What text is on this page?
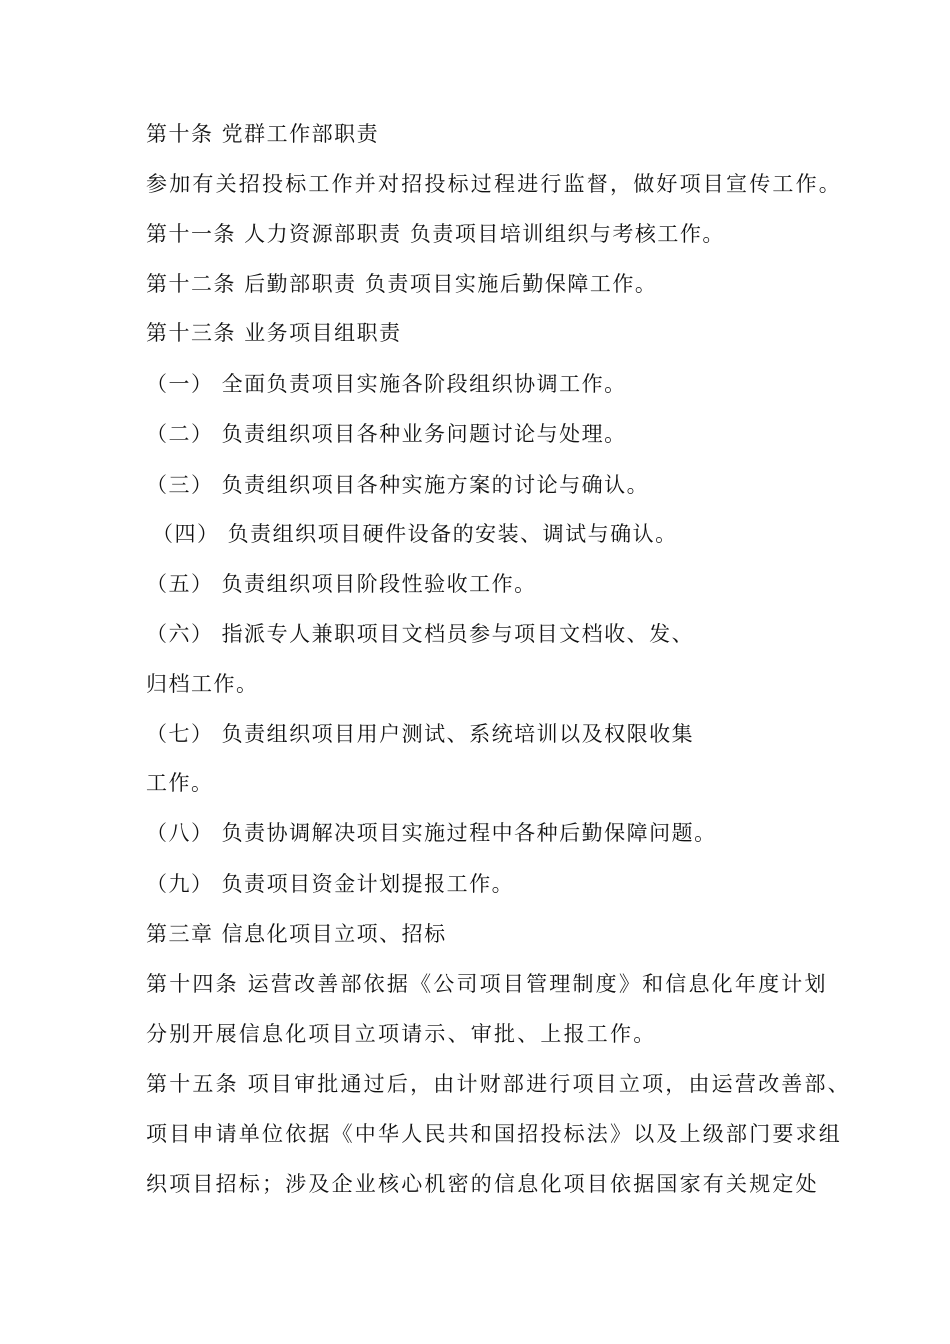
第十条 党群工作部职责
参加有关招投标工作并对招投标过程进行监督，做好项目宣传工作。
第十一条 人力资源部职责 负责项目培训组织与考核工作。
第十二条 后勤部职责 负责项目实施后勤保障工作。
第十三条 业务项目组职责
（一） 全面负责项目实施各阶段组织协调工作。
（二） 负责组织项目各种业务问题讨论与处理。
（三） 负责组织项目各种实施方案的讨论与确认。
（四） 负责组织项目硬件设备的安装、调试与确认。
（五） 负责组织项目阶段性验收工作。
（六） 指派专人兼职项目文档员参与项目文档收、发、
归档工作。
（七） 负责组织项目用户测试、系统培训以及权限收集
工作。
（八） 负责协调解决项目实施过程中各种后勤保障问题。
（九） 负责项目资金计划提报工作。
第三章 信息化项目立项、招标
第十四条 运营改善部依据《公司项目管理制度》和信息化年度计划
分别开展信息化项目立项请示、审批、上报工作。
第十五条 项目审批通过后，由计财部进行项目立项，由运营改善部、
项目申请单位依据《中华人民共和国招投标法》以及上级部门要求组
织项目招标；涉及企业核心机密的信息化项目依据国家有关规定处
